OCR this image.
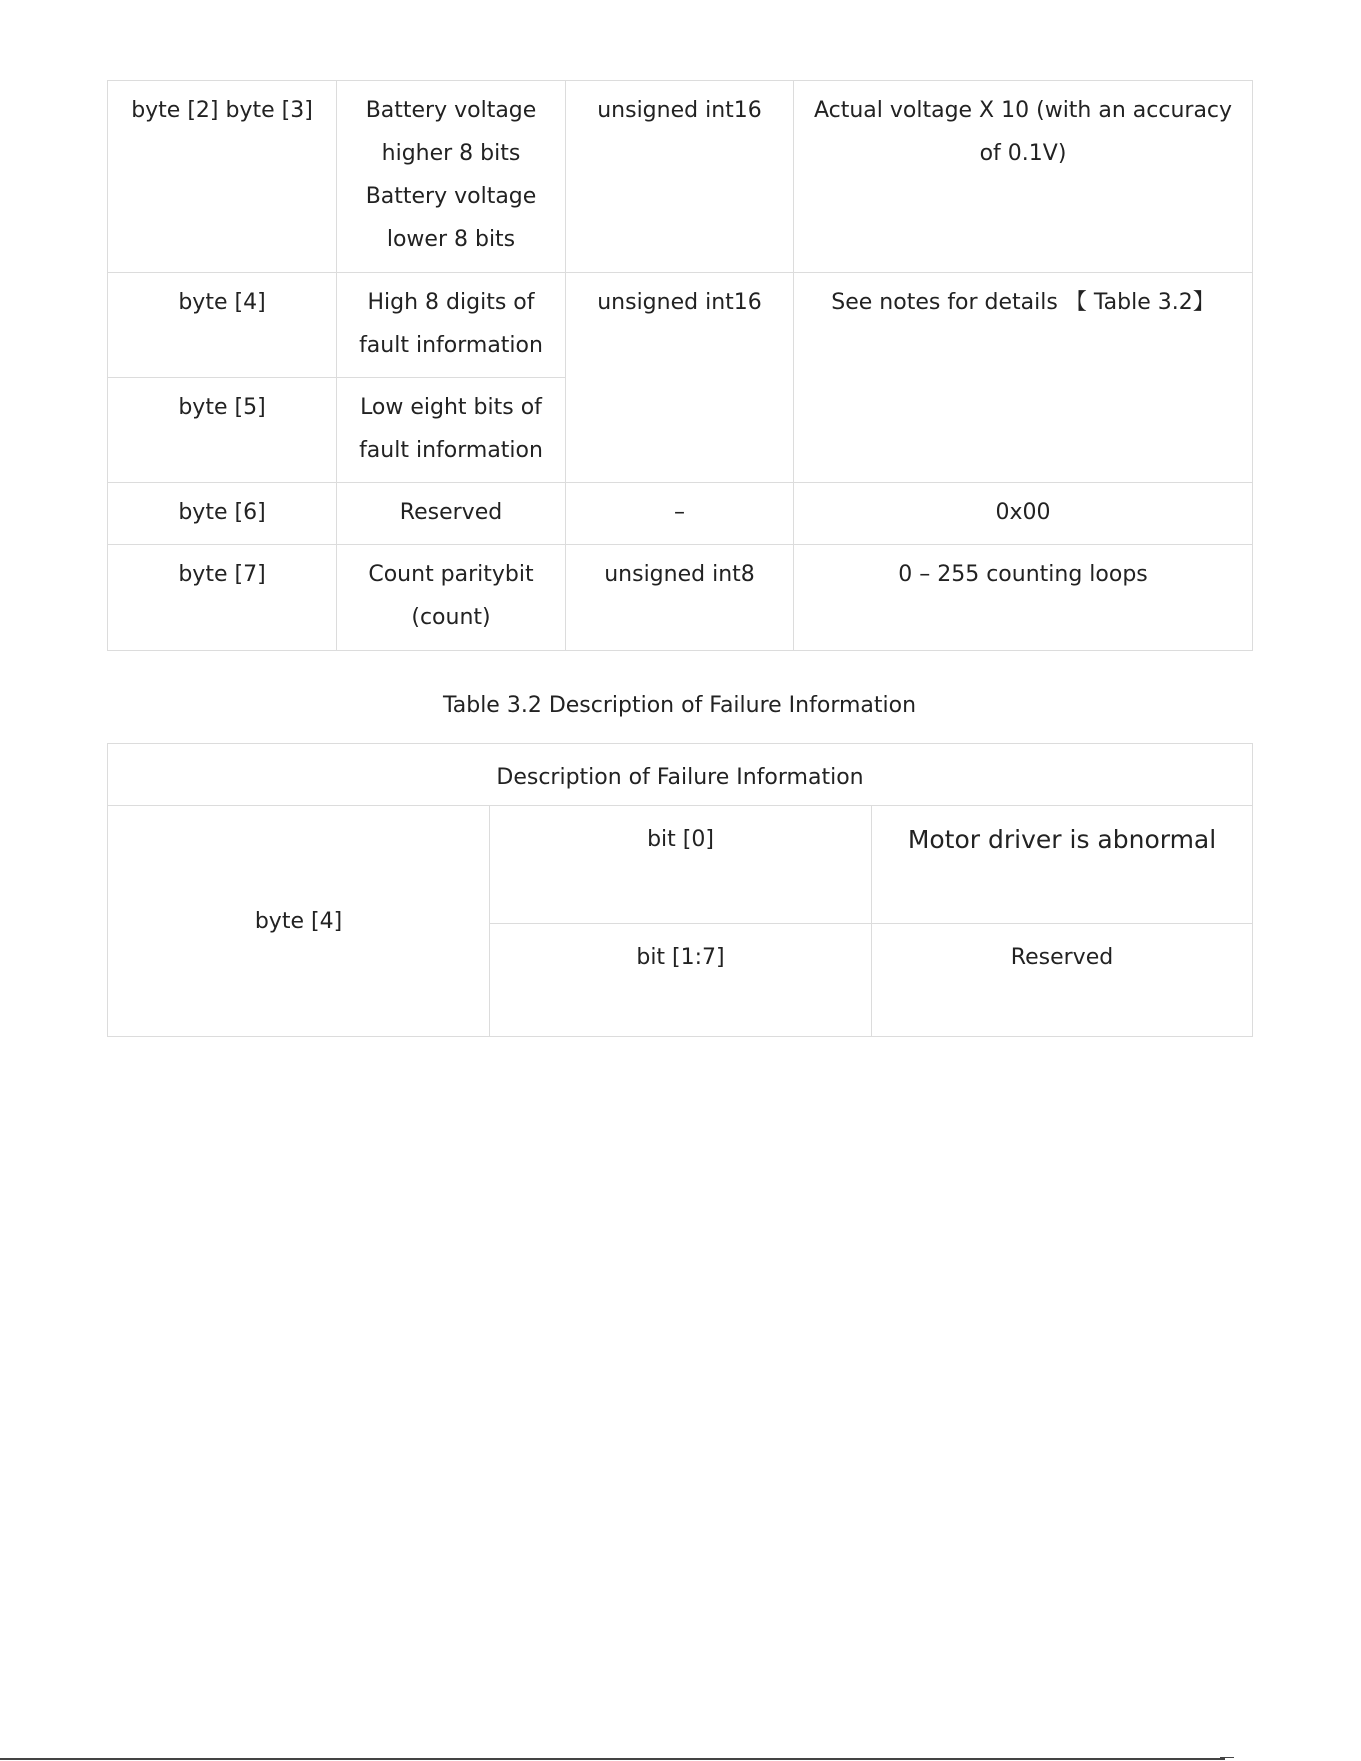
byte [2] byte [3]	Battery voltage
higher 8 bits
Battery voltage
lower 8 bits	unsigned int16	Actual voltage X 10 (with an accuracy
of 0.1V)

byte [4]	High 8 digits of
fault information	unsigned int16	See notes for details 【 Table 3.2】

byte [5]	Low eight bits of
fault information		

byte [6]	Reserved	–	0x00

byte [7]	Count paritybit
(count)	unsigned int8	0 – 255 counting loops
Table 3.2 Description of Failure Information
Description of Failure Information		
byte [4]	bit [0]	Motor driver is abnormal
	bit [1:7]	Reserved
